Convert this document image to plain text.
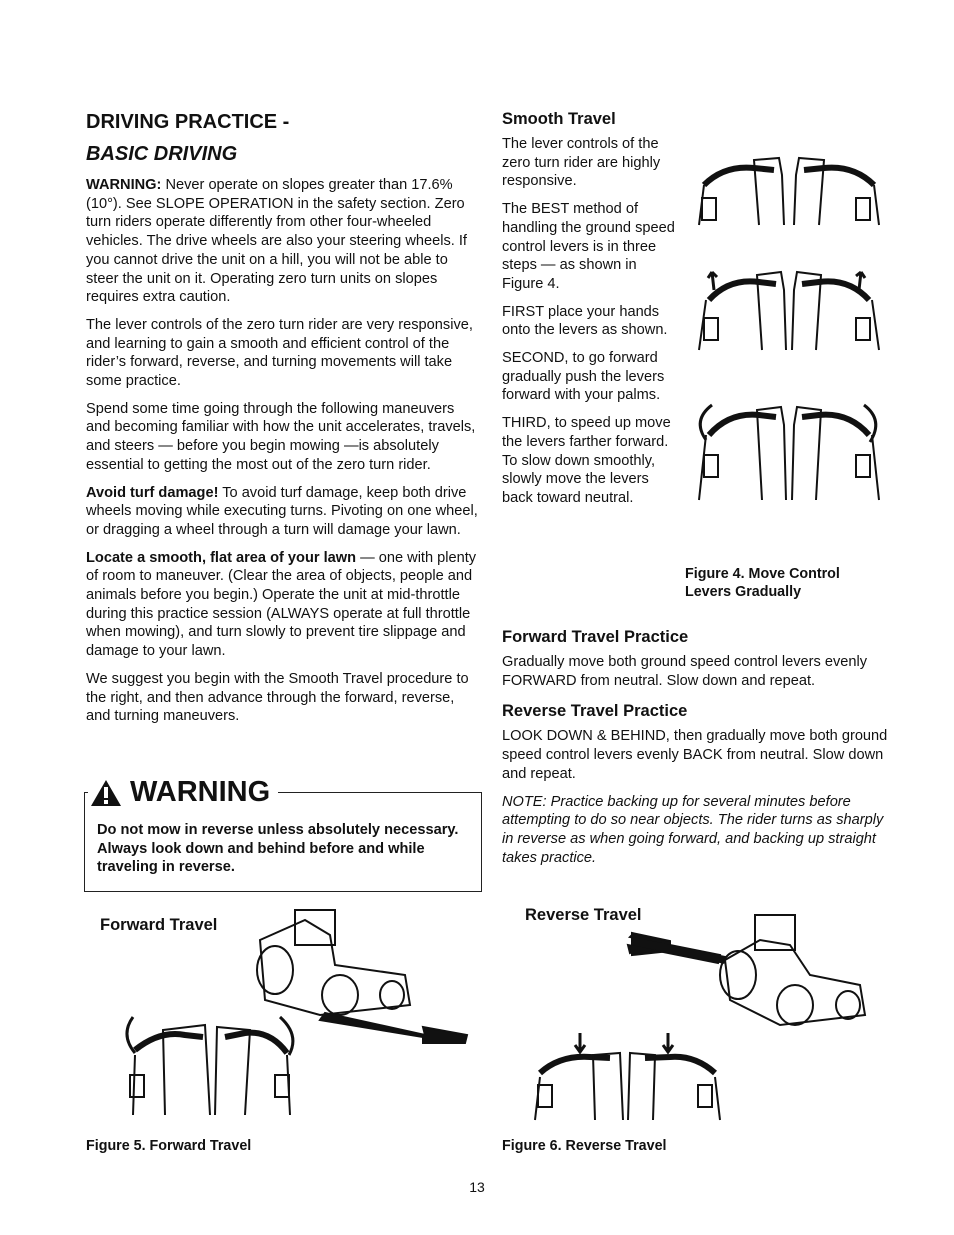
DRIVING PRACTICE -
BASIC DRIVING

WARNING: Never operate on slopes greater than 17.6% (10°). See SLOPE OPERATION in the safety section. Zero turn riders operate differently from other four-wheeled vehicles. The drive wheels are also your steering wheels. If you cannot drive the unit on a hill, you will not be able to steer the unit on it. Operating zero turn units on slopes requires extra caution.

The lever controls of the zero turn rider are very responsive, and learning to gain a smooth and efficient control of the rider’s forward, reverse, and turning movements will take some practice.

Spend some time going through the following maneuvers and becoming familiar with how the unit accelerates, travels, and steers — before you begin mowing —is absolutely essential to getting the most out of the zero turn rider.

Avoid turf damage! To avoid turf damage, keep both drive wheels moving while executing turns. Pivoting on one wheel, or dragging a wheel through a turn will damage your lawn.

Locate a smooth, flat area of your lawn — one with plenty of room to maneuver. (Clear the area of objects, people and animals before you begin.) Operate the unit at mid-throttle during this practice session (ALWAYS operate at full throttle when mowing), and turn slowly to prevent tire slippage and damage to your lawn.

We suggest you begin with the Smooth Travel procedure to the right, and then advance through the forward, reverse, and turning maneuvers.

WARNING
Do not mow in reverse unless absolutely necessary. Always look down and behind before and while traveling in reverse.
Smooth Travel

The lever controls of the zero turn rider are highly responsive.

The BEST method of handling the ground speed control levers is in three steps — as shown in Figure 4.

FIRST place your hands onto the levers as shown.

SECOND, to go forward gradually push the levers forward with your palms.

THIRD, to speed up move the levers farther forward. To slow down smoothly, slowly move the levers back toward neutral.

Figure 4. Move Control
Levers Gradually
Forward Travel Practice

Gradually move both ground speed control levers evenly FORWARD from neutral. Slow down and repeat.

Reverse Travel Practice

LOOK DOWN & BEHIND, then gradually move both ground speed control levers evenly BACK from neutral. Slow down and repeat.

NOTE: Practice backing up for several minutes before attempting to do so near objects. The rider turns as sharply in reverse as when going forward, and backing up straight takes practice.

Forward Travel
Figure 5. Forward Travel
Reverse Travel
Figure 6. Reverse Travel
13
